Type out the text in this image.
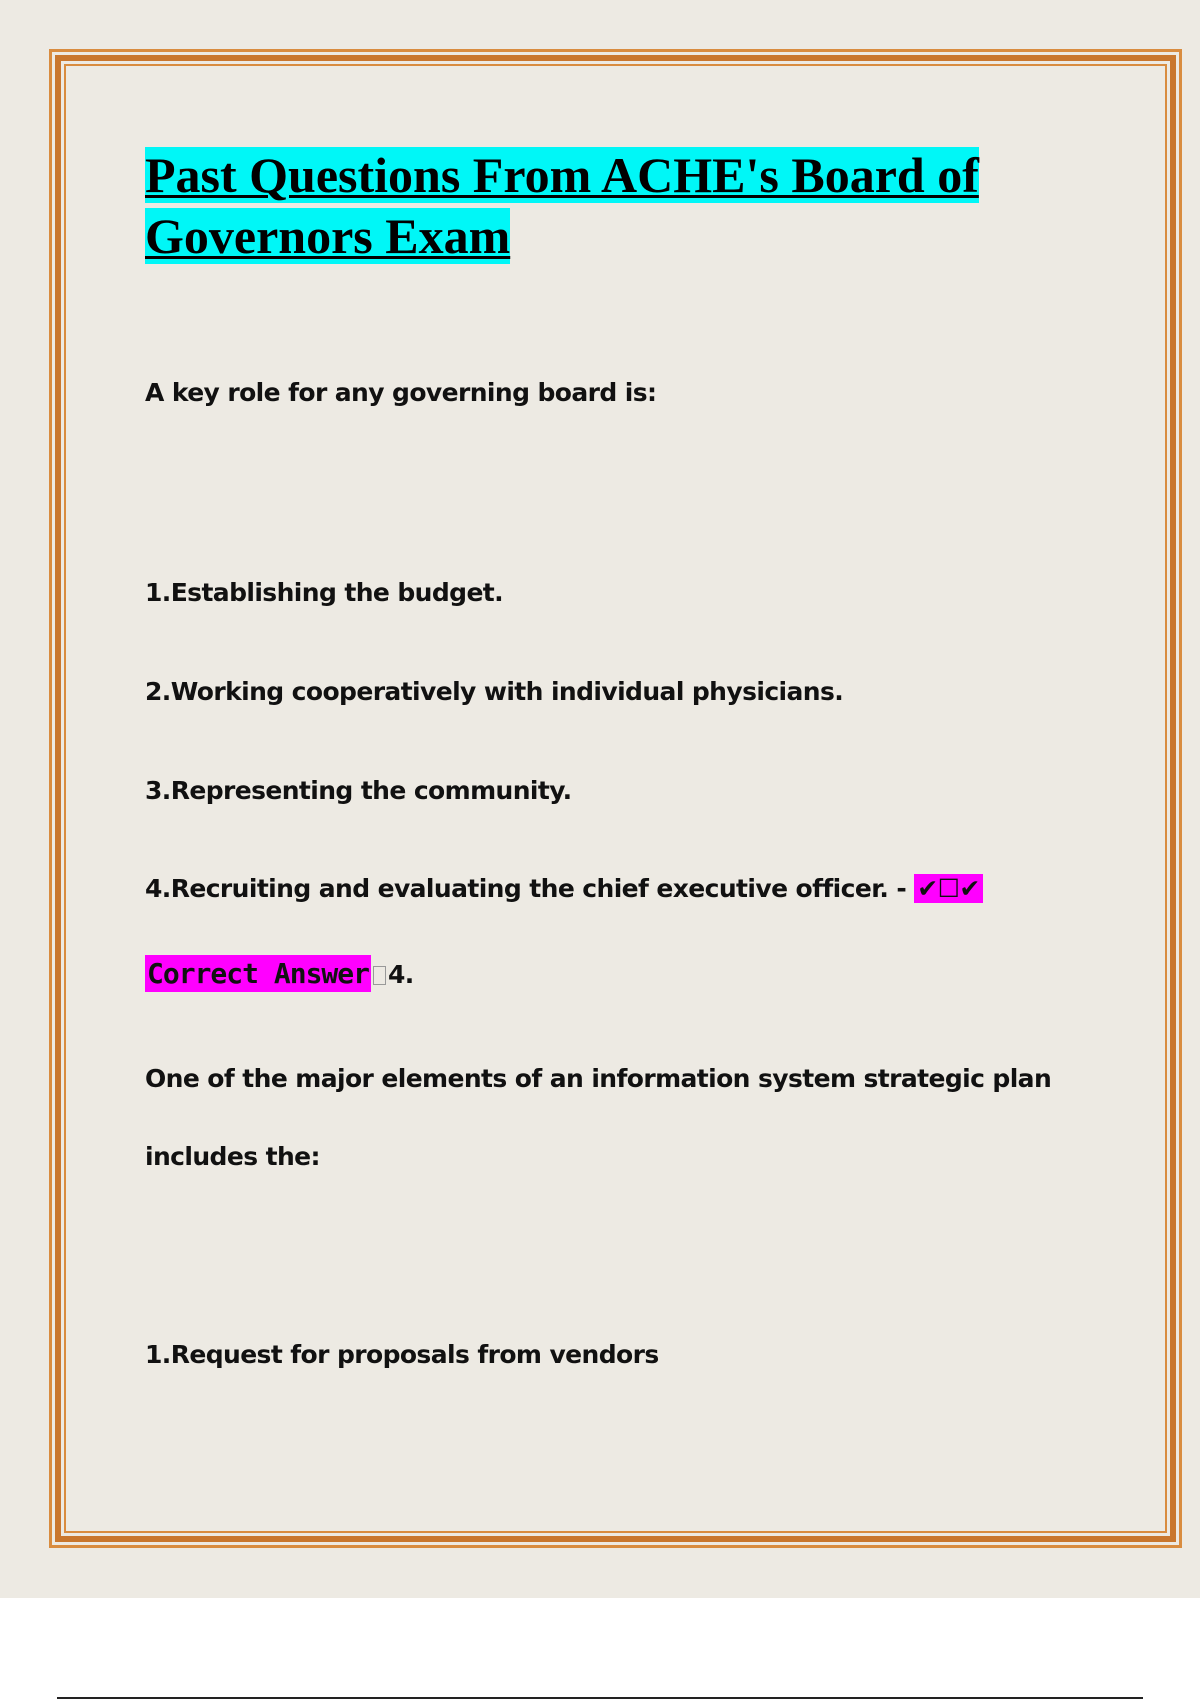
Past Questions From ACHE's Board of Governors Exam
A key role for any governing board is:
1.Establishing the budget.
2.Working cooperatively with individual physicians.
3.Representing the community.
4.Recruiting and evaluating the chief executive officer. - ✔☐✔
Correct Answer 4.
One of the major elements of an information system strategic plan
includes the:
1.Request for proposals from vendors
